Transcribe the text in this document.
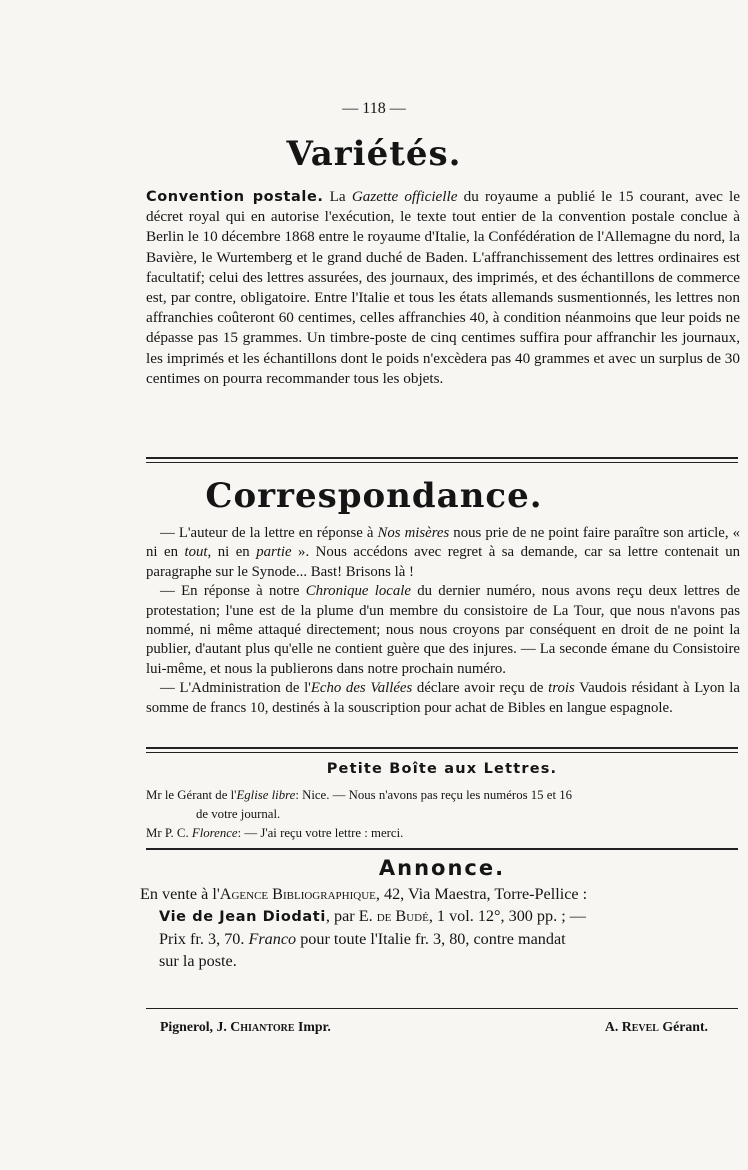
— 118 —
Variétés.
Convention postale. La Gazette officielle du royaume a publié le 15 courant, avec le décret royal qui en autorise l'exécution, le texte tout entier de la convention postale conclue à Berlin le 10 décembre 1868 entre le royaume d'Italie, la Confédération de l'Allemagne du nord, la Bavière, le Wurtemberg et le grand duché de Baden. L'affranchissement des lettres ordinaires est facultatif; celui des lettres assurées, des journaux, des imprimés, et des échantillons de commerce est, par contre, obligatoire. Entre l'Italie et tous les états allemands susmentionnés, les lettres non affranchies coûteront 60 centimes, celles affranchies 40, à condition néanmoins que leur poids ne dépasse pas 15 grammes. Un timbre-poste de cinq centimes suffira pour affranchir les journaux, les imprimés et les échantillons dont le poids n'excèdera pas 40 grammes et avec un surplus de 30 centimes on pourra recommander tous les objets.
Correspondance.

— L'auteur de la lettre en réponse à Nos misères nous prie de ne point faire paraître son article, « ni en tout, ni en partie ». Nous accédons avec regret à sa demande, car sa lettre contenait un paragraphe sur le Synode... Bast! Brisons là !

— En réponse à notre Chronique locale du dernier numéro, nous avons reçu deux lettres de protestation; l'une est de la plume d'un membre du consistoire de La Tour, que nous n'avons pas nommé, ni même attaqué directement; nous nous croyons par conséquent en droit de ne point la publier, d'autant plus qu'elle ne contient guère que des injures. — La seconde émane du Consistoire lui-même, et nous la publierons dans notre prochain numéro.

— L'Administration de l'Echo des Vallées déclare avoir reçu de trois Vaudois résidant à Lyon la somme de francs 10, destinés à la souscription pour achat de Bibles en langue espagnole.

Petite Boîte aux Lettres.
Mr le Gérant de l'Eglise libre: Nice. — Nous n'avons pas reçu les numéros 15 et 16
de votre journal.
Mr P. C. Florence: — J'ai reçu votre lettre : merci.
Annonce.
En vente à l'Agence Bibliographique, 42, Via Maestra, Torre-Pellice :
Vie de Jean Diodati, par E. de Budé, 1 vol. 12°, 300 pp. ; —
Prix fr. 3, 70. Franco pour toute l'Italie fr. 3, 80, contre mandat
sur la poste.
Pignerol, J. Chiantore Impr.	A. Revel Gérant.
